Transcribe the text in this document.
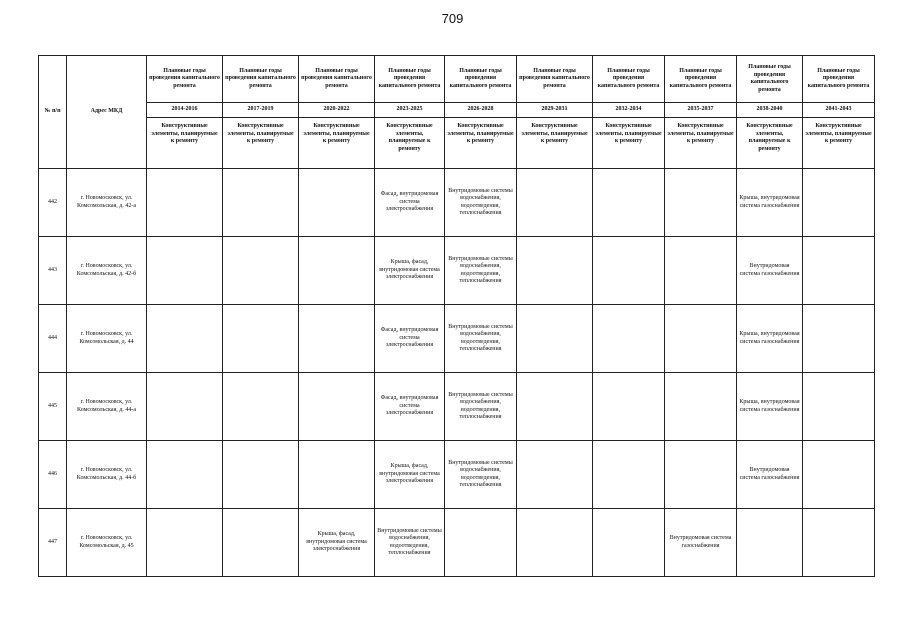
709
№ п/п	Адрес МКД	Плановые годы проведения капитального ремонта	Плановые годы проведения капитального ремонта	Плановые годы проведения капитального ремонта	Плановые годы проведения капитального ремонта	Плановые годы проведения капитального ремонта	Плановые годы проведения капитального ремонта	Плановые годы проведения капитального ремонта	Плановые годы проведения капитального ремонта	Плановые годы проведения капитального ремонта	Плановые годы проведения капитального ремонта
		2014-2016	2017-2019	2020-2022	2023-2025	2026-2028	2029-2031	2032-2034	2035-2037	2038-2040	2041-2043
		Конструктивные элементы, планируемые к ремонту	Конструктивные элементы, планируемые к ремонту	Конструктивные элементы, планируемые к ремонту	Конструктивные элементы, планируемые к ремонту	Конструктивные элементы, планируемые к ремонту	Конструктивные элементы, планируемые к ремонту	Конструктивные элементы, планируемые к ремонту	Конструктивные элементы, планируемые к ремонту	Конструктивные элементы, планируемые к ремонту	Конструктивные элементы, планируемые к ремонту
442	г. Новомосковск, ул. Комсомольская, д. 42-а				Фасад, внутридомовая система электроснабжения	Внутридомовые системы водоснабжения, водоотведения, теплоснабжения				Крыша, внутридомовая система газоснабжения	
443	г. Новомосковск, ул. Комсомольская, д. 42-б				Крыша, фасад, внутридомовая система электроснабжения	Внутридомовые системы водоснабжения, водоотведения, теплоснабжения				Внутридомовая система газоснабжения	
444	г. Новомосковск, ул. Комсомольская, д. 44				Фасад, внутридомовая система электроснабжения	Внутридомовые системы водоснабжения, водоотведения, теплоснабжения				Крыша, внутридомовая система газоснабжения	
445	г. Новомосковск, ул. Комсомольская, д. 44-а				Фасад, внутридомовая система электроснабжения	Внутридомовые системы водоснабжения, водоотведения, теплоснабжения				Крыша, внутридомовая система газоснабжения	
446	г. Новомосковск, ул. Комсомольская, д. 44-б				Крыша, фасад, внутридомовая система электроснабжения	Внутридомовые системы водоснабжения, водоотведения, теплоснабжения				Внутридомовая система газоснабжения	
447	г. Новомосковск, ул. Комсомольская, д. 45			Крыша, фасад, внутридомовая система электроснабжения	Внутридомовые системы водоснабжения, водоотведения, теплоснабжения				Внутридомовая система газоснабжения		
